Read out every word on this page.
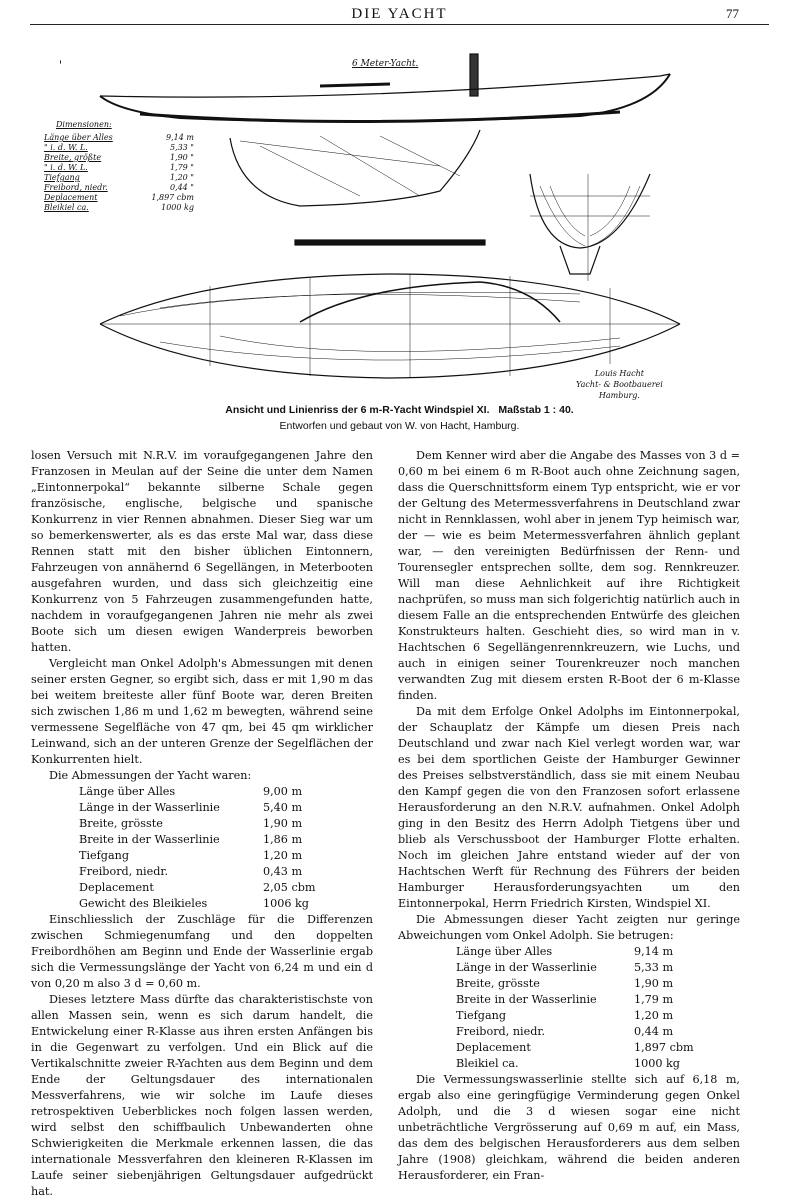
DIE YACHT	77
6 Meter-Yacht.
Dimensionen:
Länge über Alles	9,14 m
" i. d. W. L.	5,33 "
Breite, größte	1,90 "
" i. d. W. L.	1,79 "
Tiefgang	1,20 "
Freibord, niedr.	0,44 "
Deplacement	1,897 cbm
Bleikiel ca.	1000 kg
Louis Hacht
Yacht- & Bootbauerei
Hamburg.
Ansicht und Linienriss der 6 m-R-Yacht Windspiel XI. Maßstab 1 : 40.
Entworfen und gebaut von W. von Hacht, Hamburg.

losen Versuch mit N.R.V. im voraufgegangenen Jahre den Franzosen in Meulan auf der Seine die unter dem Namen „Eintonnerpokal“ bekannte silberne Schale gegen französische, englische, belgische und spanische Konkurrenz in vier Rennen abnahmen. Dieser Sieg war um so bemerkenswerter, als es das erste Mal war, dass diese Rennen statt mit den bisher üblichen Eintonnern, Fahrzeugen von annähernd 6 Segellängen, in Meterbooten ausgefahren wurden, und dass sich gleichzeitig eine Konkurrenz von 5 Fahrzeugen zusammengefunden hatte, nachdem in voraufgegangenen Jahren nie mehr als zwei Boote sich um diesen ewigen Wanderpreis beworben hatten.

Vergleicht man Onkel Adolph's Abmessungen mit denen seiner ersten Gegner, so ergibt sich, dass er mit 1,90 m das bei weitem breiteste aller fünf Boote war, deren Breiten sich zwischen 1,86 m und 1,62 m bewegten, während seine vermessene Segelfläche von 47 qm, bei 45 qm wirklicher Leinwand, sich an der unteren Grenze der Segelflächen der Konkurrenten hielt.

Die Abmessungen der Yacht waren:

Länge über Alles	9,00 m
Länge in der Wasserlinie	5,40 m
Breite, grösste	1,90 m
Breite in der Wasserlinie	1,86 m
Tiefgang	1,20 m
Freibord, niedr.	0,43 m
Deplacement	2,05 cbm
Gewicht des Bleikieles	1006 kg

Einschliesslich der Zuschläge für die Differenzen zwischen Schmiegenumfang und den doppelten Freibordhöhen am Beginn und Ende der Wasserlinie ergab sich die Vermessungslänge der Yacht von 6,24 m und ein d von 0,20 m also 3 d = 0,60 m.

Dieses letztere Mass dürfte das charakteristischste von allen Massen sein, wenn es sich darum handelt, die Entwickelung einer R-Klasse aus ihren ersten Anfängen bis in die Gegenwart zu verfolgen. Und ein Blick auf die Vertikalschnitte zweier R-Yachten aus dem Beginn und dem Ende der Geltungsdauer des internationalen Messverfahrens, wie wir solche im Laufe dieses retrospektiven Ueberblickes noch folgen lassen werden, wird selbst den schiffbaulich Unbewanderten ohne Schwierigkeiten die Merkmale erkennen lassen, die das internationale Messverfahren den kleineren R-Klassen im Laufe seiner siebenjährigen Geltungsdauer aufgedrückt hat.

Dem Kenner wird aber die Angabe des Masses von 3 d = 0,60 m bei einem 6 m R-Boot auch ohne Zeichnung sagen, dass die Querschnittsform einem Typ entspricht, wie er vor der Geltung des Metermessverfahrens in Deutschland zwar nicht in Rennklassen, wohl aber in jenem Typ heimisch war, der — wie es beim Metermessverfahren ähnlich geplant war, — den vereinigten Bedürfnissen der Renn- und Tourensegler entsprechen sollte, dem sog. Rennkreuzer. Will man diese Aehnlichkeit auf ihre Richtigkeit nachprüfen, so muss man sich folgerichtig natürlich auch in diesem Falle an die entsprechenden Entwürfe des gleichen Konstrukteurs halten. Geschieht dies, so wird man in v. Hachtschen 6 Segellängenrennkreuzern, wie Luchs, und auch in einigen seiner Tourenkreuzer noch manchen verwandten Zug mit diesem ersten R-Boot der 6 m-Klasse finden.

Da mit dem Erfolge Onkel Adolphs im Eintonnerpokal, der Schauplatz der Kämpfe um diesen Preis nach Deutschland und zwar nach Kiel verlegt worden war, war es bei dem sportlichen Geiste der Hamburger Gewinner des Preises selbstverständlich, dass sie mit einem Neubau den Kampf gegen die von den Franzosen sofort erlassene Herausforderung an den N.R.V. aufnahmen. Onkel Adolph ging in den Besitz des Herrn Adolph Tietgens über und blieb als Verschussboot der Hamburger Flotte erhalten. Noch im gleichen Jahre entstand wieder auf der von Hachtschen Werft für Rechnung des Führers der beiden Hamburger Herausforderungsyachten um den Eintonnerpokal, Herrn Friedrich Kirsten, Windspiel XI.

Die Abmessungen dieser Yacht zeigten nur geringe Abweichungen vom Onkel Adolph. Sie betrugen:

Länge über Alles	9,14 m
Länge in der Wasserlinie	5,33 m
Breite, grösste	1,90 m
Breite in der Wasserlinie	1,79 m
Tiefgang	1,20 m
Freibord, niedr.	0,44 m
Deplacement	1,897 cbm
Bleikiel ca.	1000 kg

Die Vermessungswasserlinie stellte sich auf 6,18 m, ergab also eine geringfügige Verminderung gegen Onkel Adolph, und die 3 d wiesen sogar eine nicht unbeträchtliche Vergrösserung auf 0,69 m auf, ein Mass, das dem des belgischen Herausforderers aus dem selben Jahre (1908) gleichkam, während die beiden anderen Herausforderer, ein Fran-
